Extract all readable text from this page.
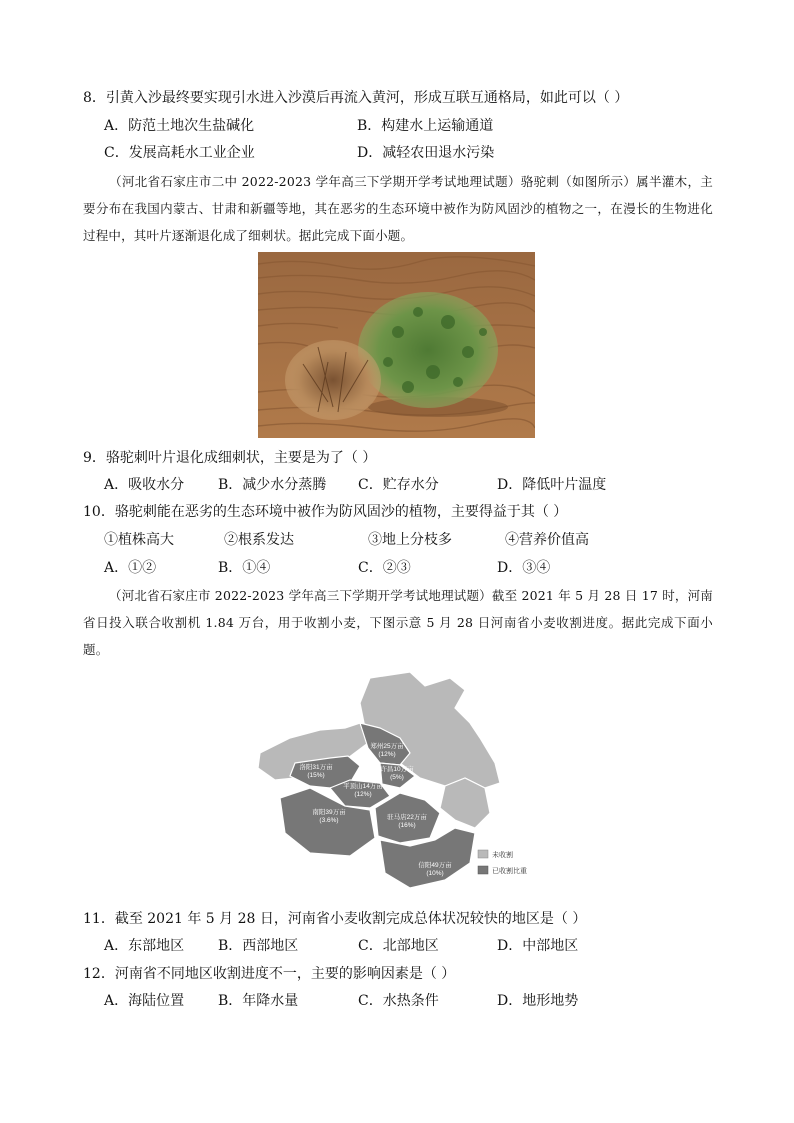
8．引黄入沙最终要实现引水进入沙漠后再流入黄河，形成互联互通格局，如此可以（ ）
A．防范土地次生盐碱化	B．构建水上运输通道
C．发展高耗水工业企业	D．减轻农田退水污染
（河北省石家庄市二中 2022-2023 学年高三下学期开学考试地理试题）骆驼刺（如图所示）属半灌木，主要分布在我国内蒙古、甘肃和新疆等地，其在恶劣的生态环境中被作为防风固沙的植物之一，在漫长的生物进化过程中，其叶片逐渐退化成了细刺状。据此完成下面小题。
9．骆驼刺叶片退化成细刺状，主要是为了（ ）
A．吸收水分 B．减少水分蒸腾 C．贮存水分	D．降低叶片温度
10．骆驼刺能在恶劣的生态环境中被作为防风固沙的植物，主要得益于其（ ）
①植株高大	②根系发达	③地上分枝多	④营养价值高
A．①②	B．①④	C．②③	D．③④
（河北省石家庄市 2022-2023 学年高三下学期开学考试地理试题）截至 2021 年 5 月 28 日 17 时，河南省日投入联合收割机 1.84 万台，用于收割小麦，下图示意 5 月 28 日河南省小麦收割进度。据此完成下面小题。
郑州25万亩
(12%)
洛阳31万亩
(15%)
许昌10万亩
(5%)
平顶山14万亩
(12%)
南阳39万亩
(3.6%)	驻马店22万亩
(16%)
信阳49万亩
(10%)
未收割
已收割比重
11．截至 2021 年 5 月 28 日，河南省小麦收割完成总体状况较快的地区是（ ）
A．东部地区 B．西部地区	C．北部地区	D．中部地区
12．河南省不同地区收割进度不一，主要的影响因素是（ ）
A．海陆位置 B．年降水量	C．水热条件	D．地形地势
